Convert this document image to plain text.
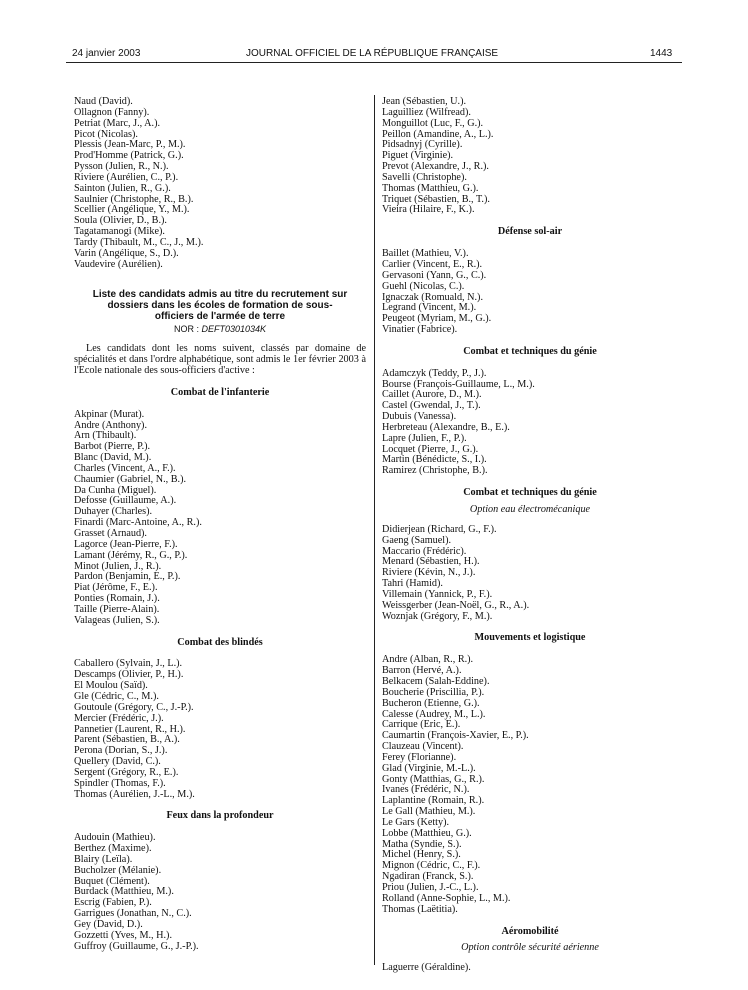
24 janvier 2003	JOURNAL OFFICIEL DE LA RÉPUBLIQUE FRANÇAISE	1443
Naud (David).
Ollagnon (Fanny).
Petriat (Marc, J., A.).
Picot (Nicolas).
Plessis (Jean-Marc, P., M.).
Prod'Homme (Patrick, G.).
Pysson (Julien, R., N.).
Riviere (Aurélien, C., P.).
Sainton (Julien, R., G.).
Saulnier (Christophe, R., B.).
Scellier (Angélique, Y., M.).
Soula (Olivier, D., B.).
Tagatamanogi (Mike).
Tardy (Thibault, M., C., J., M.).
Varin (Angélique, S., D.).
Vaudevire (Aurélien).
Liste des candidats admis au titre du recrutement sur
dossiers dans les écoles de formation de sous-
officiers de l'armée de terre
NOR : DEFT0301034K
Les candidats dont les noms suivent, classés par domaine de spécialités et dans l'ordre alphabétique, sont admis le 1er février 2003 à l'Ecole nationale des sous-officiers d'active :
Combat de l'infanterie
Akpinar (Murat).
Andre (Anthony).
Arn (Thibault).
Barbot (Pierre, P.).
Blanc (David, M.).
Charles (Vincent, A., F.).
Chaumier (Gabriel, N., B.).
Da Cunha (Miguel).
Defosse (Guillaume, A.).
Duhayer (Charles).
Finardi (Marc-Antoine, A., R.).
Grasset (Arnaud).
Lagorce (Jean-Pierre, F.).
Lamant (Jérémy, R., G., P.).
Minot (Julien, J., R.).
Pardon (Benjamin, E., P.).
Piat (Jérôme, F., E.).
Ponties (Romain, J.).
Taille (Pierre-Alain).
Valageas (Julien, S.).
Combat des blindés
Caballero (Sylvain, J., L.).
Descamps (Olivier, P., H.).
El Moulou (Saïd).
Gle (Cédric, C., M.).
Goutoule (Grégory, C., J.-P.).
Mercier (Frédéric, J.).
Pannetier (Laurent, R., H.).
Parent (Sébastien, B., A.).
Perona (Dorian, S., J.).
Quellery (David, C.).
Sergent (Grégory, R., E.).
Spindler (Thomas, F.).
Thomas (Aurélien, J.-L., M.).
Feux dans la profondeur
Audouin (Mathieu).
Berthez (Maxime).
Blairy (Leïla).
Bucholzer (Mélanie).
Buquet (Clément).
Burdack (Matthieu, M.).
Escrig (Fabien, P.).
Garrigues (Jonathan, N., C.).
Gey (David, D.).
Gozzetti (Yves, M., H.).
Guffroy (Guillaume, G., J.-P.).
Jean (Sébastien, U.).
Laguilliez (Wilfread).
Monguillot (Luc, F., G.).
Peillon (Amandine, A., L.).
Pidsadnyj (Cyrille).
Piguet (Virginie).
Prevot (Alexandre, J., R.).
Savelli (Christophe).
Thomas (Matthieu, G.).
Triquet (Sébastien, B., T.).
Vieira (Hilaire, F., K.).
Défense sol-air
Baillet (Mathieu, V.).
Carlier (Vincent, E., R.).
Gervasoni (Yann, G., C.).
Guehl (Nicolas, C.).
Ignaczak (Romuald, N.).
Legrand (Vincent, M.).
Peugeot (Myriam, M., G.).
Vinatier (Fabrice).
Combat et techniques du génie
Adamczyk (Teddy, P., J.).
Bourse (François-Guillaume, L., M.).
Caillet (Aurore, D., M.).
Castel (Gwendal, J., T.).
Dubuis (Vanessa).
Herbreteau (Alexandre, B., E.).
Lapre (Julien, F., P.).
Locquet (Pierre, J., G.).
Martin (Bénédicte, S., I.).
Ramirez (Christophe, B.).
Combat et techniques du génie
Option eau électromécanique
Didierjean (Richard, G., F.).
Gaeng (Samuel).
Maccario (Frédéric).
Menard (Sébastien, H.).
Riviere (Kévin, N., J.).
Tahri (Hamid).
Villemain (Yannick, P., F.).
Weissgerber (Jean-Noël, G., R., A.).
Woznjak (Grégory, F., M.).
Mouvements et logistique
Andre (Alban, R., R.).
Barron (Hervé, A.).
Belkacem (Salah-Eddine).
Boucherie (Priscillia, P.).
Bucheron (Etienne, G.).
Calesse (Audrey, M., L.).
Carrique (Eric, E.).
Caumartin (François-Xavier, E., P.).
Clauzeau (Vincent).
Ferey (Florianne).
Glad (Virginie, M.-L.).
Gonty (Matthias, G., R.).
Ivanes (Frédéric, N.).
Laplantine (Romain, R.).
Le Gall (Mathieu, M.).
Le Gars (Ketty).
Lobbe (Matthieu, G.).
Matha (Syndie, S.).
Michel (Henry, S.).
Mignon (Cédric, C., F.).
Ngadiran (Franck, S.).
Priou (Julien, J.-C., L.).
Rolland (Anne-Sophie, L., M.).
Thomas (Laëtitia).
Aéromobilité
Option contrôle sécurité aérienne
Laguerre (Géraldine).
